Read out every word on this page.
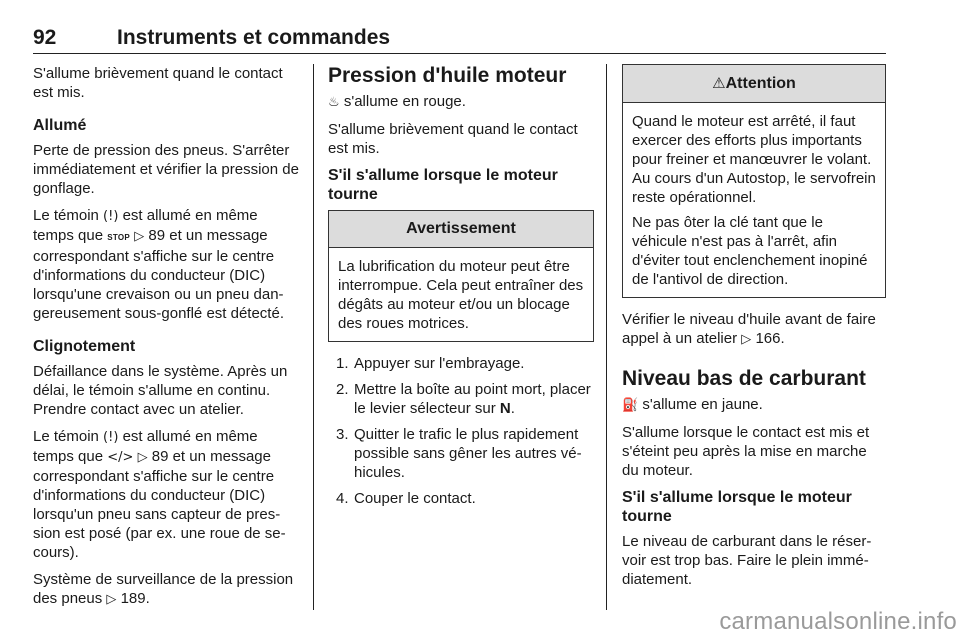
92	Instruments et commandes

S'allume brièvement quand le contact est mis.

Allumé

Perte de pression des pneus. S'arrêter immédiatement et vérifier la pression de gonflage.

Le témoin (!) est allumé en même temps que STOP ▷ 89 et un message correspondant s'affiche sur le centre d'informations du conducteur (DIC) lorsqu'une crevaison ou un pneu dangereusement sous-gonflé est détecté.

Clignotement

Défaillance dans le système. Après un délai, le témoin s'allume en continu. Prendre contact avec un atelier.

Le témoin (!) est allumé en même temps que </> ▷ 89 et un message correspondant s'affiche sur le centre d'informations du conducteur (DIC) lorsqu'un pneu sans capteur de pression est posé (par ex. une roue de secours).

Système de surveillance de la pression des pneus ▷ 189.

Pression d'huile moteur

♨ s'allume en rouge.

S'allume brièvement quand le contact est mis.

S'il s'allume lorsque le moteur tourne
Avertissement

La lubrification du moteur peut être interrompue. Cela peut entraîner des dégâts au moteur et/ou un blocage des roues motrices.

1. Appuyer sur l'embrayage.
2. Mettre la boîte au point mort, placer le levier sélecteur sur N.
3. Quitter le trafic le plus rapidement possible sans gêner les autres véhicules.
4. Couper le contact.
⚠Attention

Quand le moteur est arrêté, il faut exercer des efforts plus importants pour freiner et manœuvrer le volant. Au cours d'un Autostop, le servofrein reste opérationnel.

Ne pas ôter la clé tant que le véhicule n'est pas à l'arrêt, afin d'éviter tout enclenchement inopiné de l'antivol de direction.

Vérifier le niveau d'huile avant de faire appel à un atelier ▷ 166.

Niveau bas de carburant

⛽ s'allume en jaune.

S'allume lorsque le contact est mis et s'éteint peu après la mise en marche du moteur.

S'il s'allume lorsque le moteur tourne

Le niveau de carburant dans le réservoir est trop bas. Faire le plein immédiatement.

carmanualsonline.info
